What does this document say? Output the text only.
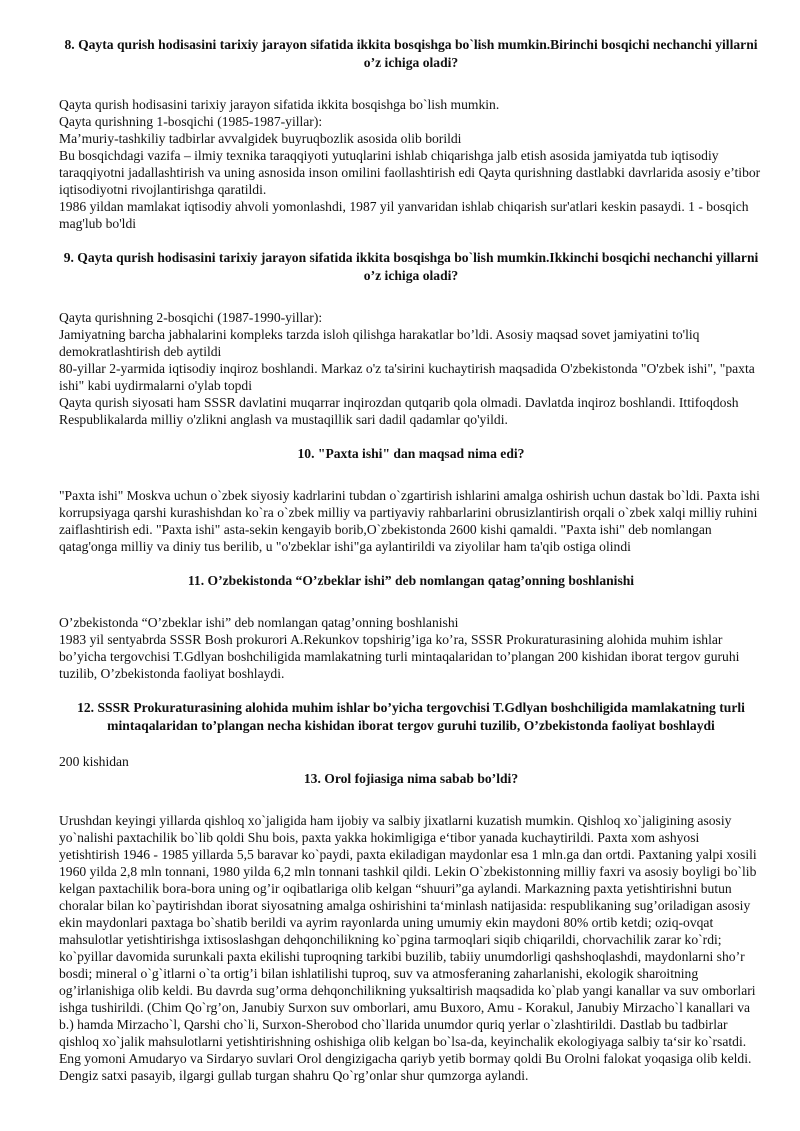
8. Qayta qurish hodisasini tarixiy jarayon sifatida ikkita bosqishga bo`lish mumkin.Birinchi bosqichi nechanchi yillarni o’z ichiga oladi?

Qayta qurish hodisasini tarixiy jarayon sifatida ikkita bosqishga bo`lish mumkin.

Qayta qurishning 1-bosqichi (1985-1987-yillar):

Ma’muriy-tashkiliy tadbirlar avvalgidek buyruqbozlik asosida olib borildi

Bu bosqichdagi vazifa – ilmiy texnika taraqqiyoti yutuqlarini ishlab chiqarishga jalb etish asosida jamiyatda tub iqtisodiy taraqqiyotni jadallashtirish va uning asnosida inson omilini faollashtirish edi Qayta qurishning dastlabki davrlarida asosiy e’tibor iqtisodiyotni rivojlantirishga qaratildi.

1986 yildan mamlakat iqtisodiy ahvoli yomonlashdi, 1987 yil yanvaridan ishlab chiqarish sur'atlari keskin pasaydi. 1 - bosqich mag'lub bo'ldi

9. Qayta qurish hodisasini tarixiy jarayon sifatida ikkita bosqishga bo`lish mumkin.Ikkinchi bosqichi nechanchi yillarni o’z ichiga oladi?

Qayta qurishning 2-bosqichi (1987-1990-yillar):

Jamiyatning barcha jabhalarini kompleks tarzda isloh qilishga harakatlar bo’ldi. Asosiy maqsad sovet jamiyatini to'liq demokratlashtirish deb aytildi

80-yillar 2-yarmida iqtisodiy inqiroz boshlandi. Markaz o'z ta'sirini kuchaytirish maqsadida O'zbekistonda "O'zbek ishi", "paxta ishi" kabi uydirmalarni o'ylab topdi

Qayta qurish siyosati ham SSSR davlatini muqarrar inqirozdan qutqarib qola olmadi. Davlatda inqiroz boshlandi. Ittifoqdosh Respublikalarda milliy o'zlikni anglash va mustaqillik sari dadil qadamlar qo'yildi.

10. "Paxta ishi" dan maqsad nima edi?

"Paxta ishi" Moskva uchun o`zbek siyosiy kadrlarini tubdan o`zgartirish ishlarini amalga oshirish uchun dastak bo`ldi. Paxta ishi korrupsiyaga qarshi kurashishdan ko`ra o`zbek milliy va partiyaviy rahbarlarini obrusizlantirish orqali o`zbek xalqi milliy ruhini zaiflashtirish edi. "Paxta ishi" asta-sekin kengayib borib,O`zbekistonda 2600 kishi qamaldi. "Paxta ishi" deb nomlangan qatag'onga milliy va diniy tus berilib, u "o'zbeklar ishi"ga aylantirildi va ziyolilar ham ta'qib ostiga olindi

11. O’zbekistonda “O’zbeklar ishi” deb nomlangan qatag’onning boshlanishi

O’zbekistonda “O’zbeklar ishi” deb nomlangan qatag’onning boshlanishi

1983 yil sentyabrda SSSR Bosh prokurori A.Rekunkov topshirig’iga ko’ra, SSSR Prokuraturasining alohida muhim ishlar bo’yicha tergovchisi T.Gdlyan boshchiligida mamlakatning turli mintaqalaridan to’plangan 200 kishidan iborat tergov guruhi tuzilib, O’zbekistonda faoliyat boshlaydi.

12. SSSR Prokuraturasining alohida muhim ishlar bo’yicha tergovchisi T.Gdlyan boshchiligida mamlakatning turli mintaqalaridan to’plangan necha kishidan iborat tergov guruhi tuzilib, O’zbekistonda faoliyat boshlaydi

200 kishidan

13. Orol fojiasiga nima sabab bo’ldi?

Urushdan keyingi yillarda qishloq xo`jaligida ham ijobiy va salbiy jixatlarni kuzatish mumkin. Qishloq xo`jaligining asosiy yo`nalishi paxtachilik bo`lib qoldi Shu bois, paxta yakka hokimligiga e‘tibor yanada kuchaytirildi. Paxta xom ashyosi yetishtirish 1946 - 1985 yillarda 5,5 baravar ko`paydi, paxta ekiladigan maydonlar esa 1 mln.ga dan ortdi. Paxtaning yalpi xosili 1960 yilda 2,8 mln tonnani, 1980 yilda 6,2 mln tonnani tashkil qildi. Lekin O`zbekistonning milliy faxri va asosiy boyligi bo`lib kelgan paxtachilik bora-bora uning og’ir oqibatlariga olib kelgan “shuuri”ga aylandi. Markazning paxta yetishtirishni butun choralar bilan ko`paytirishdan iborat siyosatning amalga oshirishini ta‘minlash natijasida: respublikaning sug’oriladigan asosiy ekin maydonlari paxtaga bo`shatib berildi va ayrim rayonlarda uning umumiy ekin maydoni 80% ortib ketdi; oziq-ovqat mahsulotlar yetishtirishga ixtisoslashgan dehqonchilikning ko`pgina tarmoqlari siqib chiqarildi, chorvachilik zarar ko`rdi; ko`pyillar davomida surunkali paxta ekilishi tuproqning tarkibi buzilib, tabiiy unumdorligi qashshoqlashdi, maydonlarni sho’r bosdi; mineral o`g`itlarni o`ta ortig’i bilan ishlatilishi tuproq, suv va atmosferaning zaharlanishi, ekologik sharoitning og’irlanishiga olib keldi. Bu davrda sug’orma dehqonchilikning yuksaltirish maqsadida ko`plab yangi kanallar va suv omborlari ishga tushirildi. (Chim Qo`rg’on, Janubiy Surxon suv omborlari, amu Buxoro, Amu - Korakul, Janubiy Mirzacho`l kanallari va b.) hamda Mirzacho`l, Qarshi cho`li, Surxon-Sherobod cho`llarida unumdor quriq yerlar o`zlashtirildi. Dastlab bu tadbirlar qishloq xo`jalik mahsulotlarni yetishtirishning oshishiga olib kelgan bo`lsa-da, keyinchalik ekologiyaga salbiy ta‘sir ko`rsatdi. Eng yomoni Amudaryo va Sirdaryo suvlari Orol dengizigacha qariyb yetib bormay qoldi Bu Orolni falokat yoqasiga olib keldi. Dengiz satxi pasayib, ilgargi gullab turgan shahru Qo`rg’onlar shur qumzorga aylandi.
